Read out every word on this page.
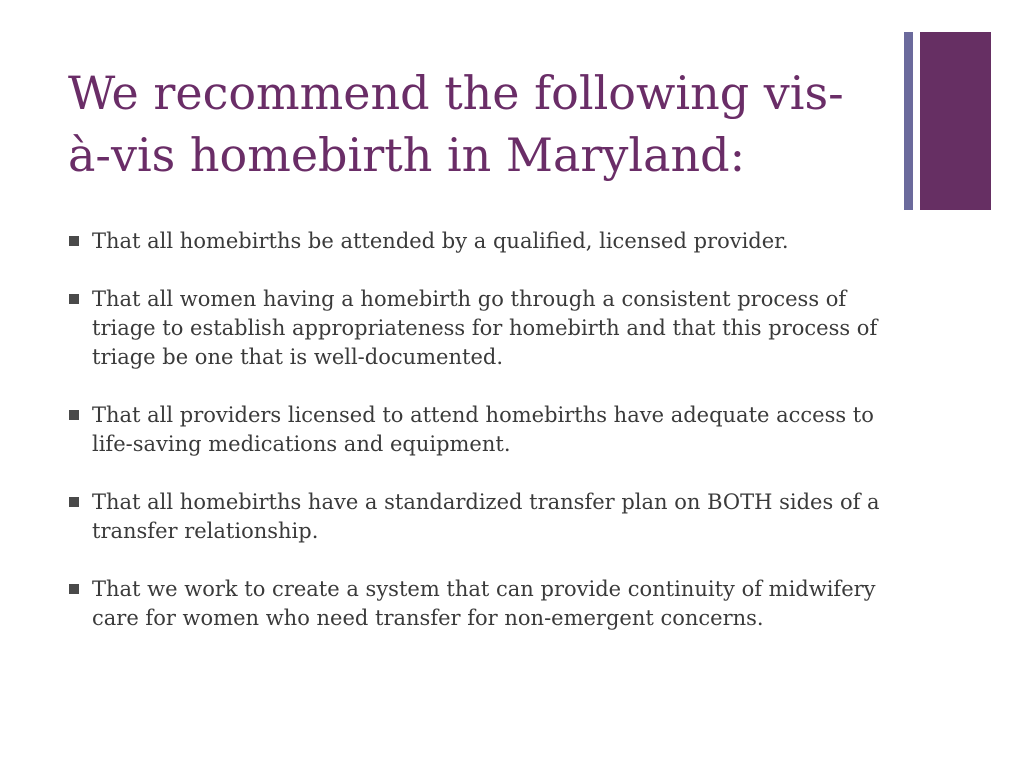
We recommend the following vis-à-vis homebirth in Maryland:
That all homebirths be attended by a qualified, licensed provider.
That all women having a homebirth go through a consistent process of triage to establish appropriateness for homebirth and that this process of triage be one that is well-documented.
That all providers licensed to attend homebirths have adequate access to life-saving medications and equipment.
That all homebirths have a standardized transfer plan on BOTH sides of a transfer relationship.
That we work to create a system that can provide continuity of midwifery care for women who need transfer for non-emergent concerns.
